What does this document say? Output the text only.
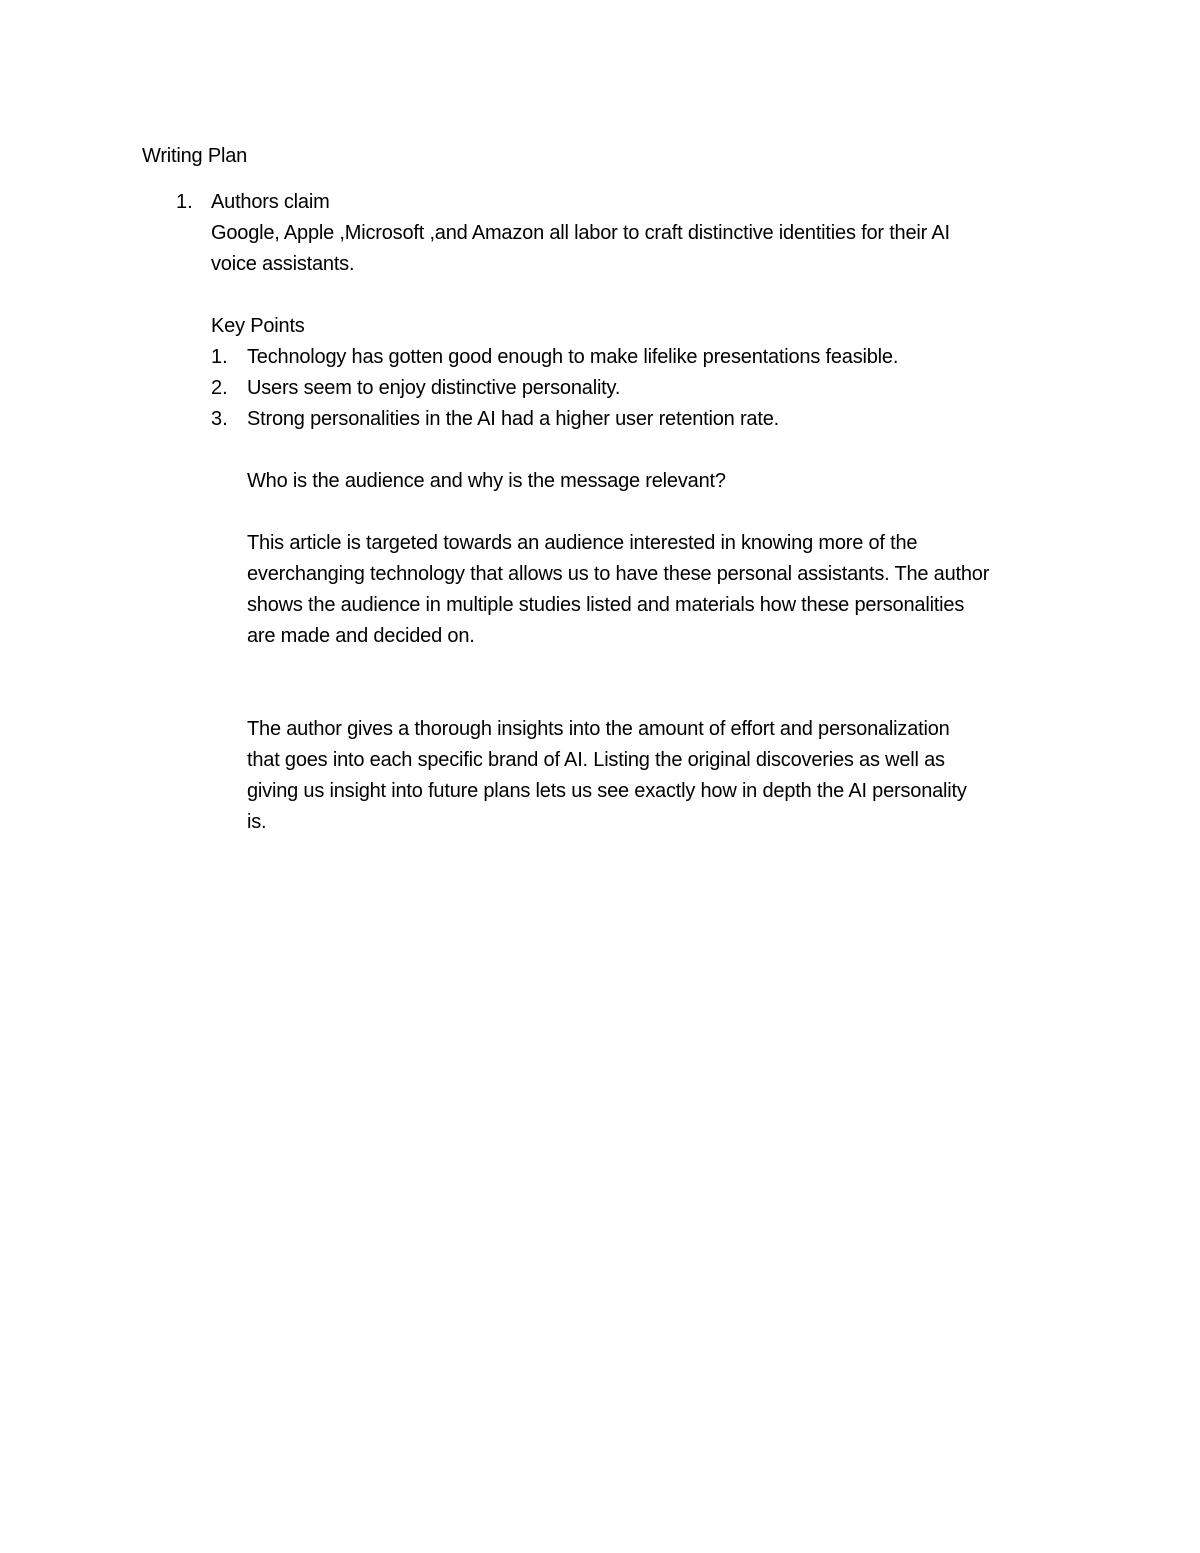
Writing Plan
1. Authors claim
Google, Apple ,Microsoft ,and Amazon all labor to craft distinctive identities for their AI
voice assistants.
Key Points
1. Technology has gotten good enough to make lifelike presentations feasible.
2. Users seem to enjoy distinctive personality.
3. Strong personalities in the AI had a higher user retention rate.
Who is the audience and why is the message relevant?
This article is targeted towards an audience interested in knowing more of the
everchanging technology that allows us to have these personal assistants. The author
shows the audience in multiple studies listed and materials how these personalities
are made and decided on.
The author gives a thorough insights into the amount of effort and personalization
that goes into each specific brand of AI. Listing the original discoveries as well as
giving us insight into future plans lets us see exactly how in depth the AI personality
is.
